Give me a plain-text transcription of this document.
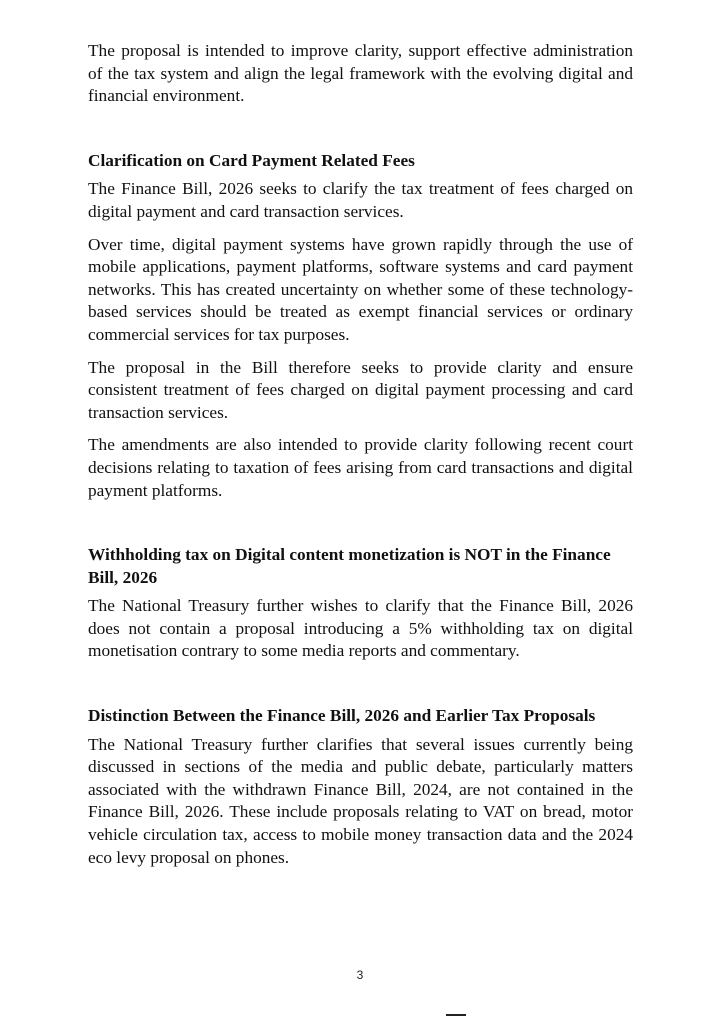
The proposal is intended to improve clarity, support effective administration of the tax system and align the legal framework with the evolving digital and financial environment.

Clarification on Card Payment Related Fees

The Finance Bill, 2026 seeks to clarify the tax treatment of fees charged on digital payment and card transaction services.

Over time, digital payment systems have grown rapidly through the use of mobile applications, payment platforms, software systems and card payment networks. This has created uncertainty on whether some of these technology-based services should be treated as exempt financial services or ordinary commercial services for tax purposes.

The proposal in the Bill therefore seeks to provide clarity and ensure consistent treatment of fees charged on digital payment processing and card transaction services.

The amendments are also intended to provide clarity following recent court decisions relating to taxation of fees arising from card transactions and digital payment platforms.

Withholding tax on Digital content monetization is NOT in the Finance Bill, 2026

The National Treasury further wishes to clarify that the Finance Bill, 2026 does not contain a proposal introducing a 5% withholding tax on digital monetisation contrary to some media reports and commentary.

Distinction Between the Finance Bill, 2026 and Earlier Tax Proposals

The National Treasury further clarifies that several issues currently being discussed in sections of the media and public debate, particularly matters associated with the withdrawn Finance Bill, 2024, are not contained in the Finance Bill, 2026. These include proposals relating to VAT on bread, motor vehicle circulation tax, access to mobile money transaction data and the 2024 eco levy proposal on phones.

3
